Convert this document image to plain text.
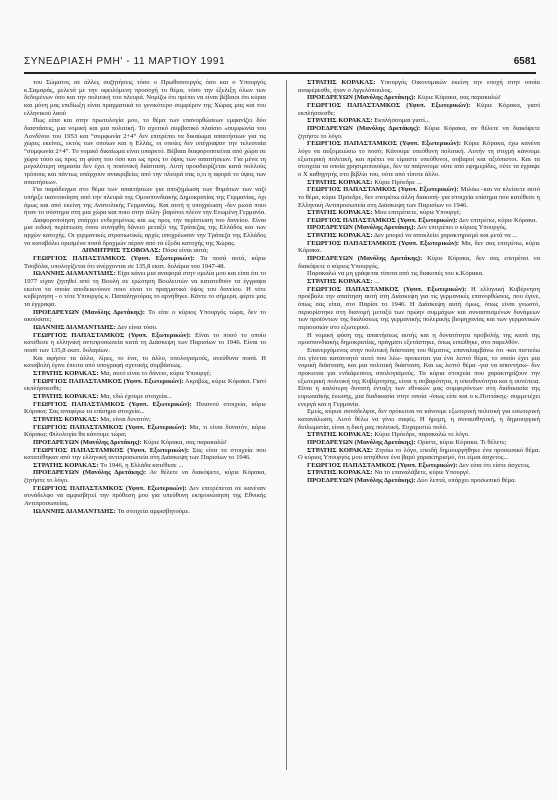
ΣΥΝΕΔΡΙΑΣΗ ΡΜΗ' - 11 ΜΑΡΤΙΟΥ 1991	6581

του Σώματος σε άλλες συζητήσεις τόσο ο Πρωθυπουργός όσο και ο Υπουργός κ.Σαμαράς, μελετά με την οφειλόμενη προσοχή το θέμα, τόσο την έξελιξη όλων των δεδομένων όσο και την πολιτική του πλευρά. Νομίζω ότι πρέπει να είναι βέβαιοι ότι κύρια και μόνη μας επιδίωξη είναι πραγματικά το γενικότερο συμφέρον της Χώρας μας και του ελληνικού λαού

Πως είπα και στην πρωτολογία μου, το θέμα των επανορθώσεων εμφανίζει δύο διαστάσεις, μια νομική και μια πολιτική. Το σχετικό συμβατικό πλαίσιο «συμφωνία του Λονδίνου του 1953 και “συμφωνία 2+4” δεν επιτρέπει τα δικαίωμα απαιτήσεων για τις χώρες εκείνες, εκτός των οποίων και η Ελλάς, οι οποίες δεν υπέγραψαν την τελευταία “συμφωνία 2+4”. Το νομικό δικαίωμα είναι υπαρκτό. Βέβαια διαφοροποιείται από χώρα σε χώρα τόσο ως προς τη φύση του όσο και ως προς το ύψος των απαιτήσεων. Για μένα τη μεγαλύτερη σημασία δεν έχει η ποσοτική διάσταση. Αυτή προσδιορίζεται κατά πολλούς τρόπους και πάντως υπάρχουν ανακριβείες από την πλευρά σας ο,τι η αφορά το ύψος των απαιτήσεων.

Για παράδειγμα στο θέμα των απαιτήσεων για αποζημίωση των θυμάτων των ναζί υπήρξε ικανοποίηση από την πλευρά της Ομοσπονδιακής Δημοκρατίας της Γερμανίας, όχι όμως και από εκείνη της Ανατολικής Γερμανίας. Και αυτή η υποχρέωση -δεν ρωτά ποιο ήταν το σύστημα στη μια χώρα και ποιο στην άλλη- βαρύνει πλέον την Ενωμένη Γερμανία.

Διαφοροποίηση υπάρχει ενδεχομένως και ως προς την περίπτωση του δανείου. Είναι μια ειδική περίπτωση όπου συνήφθη δάνειο μεταξύ της Τράπεζας της Ελλάδος και των αρχών κατοχής. Οι γερμανικές στρατιωτικές αρχές υποχρέωσαν την Τράπεζα της Ελλάδος να καταβάλει ορισμένα ποσά δραχμών πέραν από τα έξοδα κατοχής της Χώρας.

ΔΗΜΗΤΡΗΣ ΤΣΟΒΟΛΑΣ: Πόσα είναι αυτά;

ΓΕΩΡΓΙΟΣ ΠΑΠΑΣΤΑΜΚΟΣ (Υφυπ. Εξωτερικών): Τα ποσά αυτά, κύριε Τσοβόλα, υπολογίζεται ότι ανέρχονται σε 135,8 εκατ. δολάρια του 1947-48.

ΙΩΑΝΝΗΣ ΔΙΑΜΑΝΤΙΔΗΣ: Είχα κάνει μια αναφορά στην ομιλία μου και είπα ότι το 1977 είχαν ζητηθεί από τη Βουλή σε ερώτηση Βουλευτών να κατατεθούν τα έγγραφα εκείνα τα οποία αποδεικνύουν ποιο είναι το πραγματικό ύψος του δανείου. Η τότε κυβέρνηση - ο τότε Υπουργός κ. Παπαληγούρας το αρνήθηκε. Κάντε το σήμερα, φέρτε μας τα έγγραφα.

ΠΡΟΕΔΡΕΥΩΝ (Μανόλης Δρετάκης): Το είπε ο κύριος Υπουργός τώρα, δεν το ακούσατε;

ΙΩΑΝΝΗΣ ΔΙΑΜΑΝΤΙΔΗΣ: Δεν είναι τόσο.

ΓΕΩΡΓΙΟΣ ΠΑΠΑΣΤΑΜΚΟΣ (Υφυπ. Εξωτερικών): Είναι το ποσό το οποίο κατέθεσε η ελληνική αντιπροσωπεία κατά τη Διάσκεψη των Παρισίων το 1946. Είναι το ποσό των 135,8 εκατ. δολαρίων.

Και αφήστε τα άλλα, λίρες, το ένα, το άλλο, υπολογισμούς, ανεύθυνα ποσά. Η καταβολή έγινε έπειτα από υπογραφή σχετικής συμβάσεως.

ΣΤΡΑΤΗΣ ΚΟΡΑΚΑΣ: Μα, αυτό είναι το δάνειο, κύριε Υπουργέ;

ΓΕΩΡΓΙΟΣ ΠΑΠΑΣΤΑΜΚΟΣ (Υφυπ. Εξωτερικών): Ακριβώς, κύριε Κόρακα. Γιατί εκπλήσσεσθε;

ΣΤΡΑΤΗΣ ΚΟΡΑΚΑΣ: Μα, εδώ έχουμε στοιχεία...

ΓΕΩΡΓΙΟΣ ΠΑΠΑΣΤΑΜΚΟΣ (Υφυπ. Εξωτερικών): Ποιανού στοιχεία, κύριε Κόρακα; Σας αναφέρω τα επίσημα στοιχεία...

ΣΤΡΑΤΗΣ ΚΟΡΑΚΑΣ: Μα, είναι δυνατόν;

ΓΕΩΡΓΙΟΣ ΠΑΠΑΣΤΑΜΚΟΣ (Υφυπ. Εξωτερικών): Μα, τι είναι δυνατόν, κύριε Κόρακα; Φιλολογία θα κάνουμε τώρα;

ΠΡΟΕΔΡΕΥΩΝ (Μανόλης Δρετάκης): Κύριε Κόρακα, σας παρακαλώ!

ΓΕΩΡΓΙΟΣ ΠΑΠΑΣΤΑΜΚΟΣ (Υφυπ. Εξωτερικών): Σας είπα τα στοιχεία που κατατέθηκαν από την ελληνική αντιπροσωπεία στη Διάσκεψη των Παρισίων το 1946.

ΣΤΡΑΤΗΣ ΚΟΡΑΚΑΣ: Το 1946, η Ελλάδα κατέθεσε ...

ΠΡΟΕΔΡΕΥΩΝ (Μανόλης Δρετάκης): Αν θέλετε να διακόψετε, κύριε Κόρακα, ζητήστε το λόγο.

ΓΕΩΡΓΙΟΣ ΠΑΠΑΣΤΑΜΚΟΣ (Υφυπ. Εξωτερικών): Δεν επιτρέπεται σε κανέναν συνάδελφο να αμφισβητεί την πρόθεση μου για υπεύθυνη εκπροσώπηση της Εθνικής Αντιπροσωπείας.

ΙΩΑΝΝΗΣ ΔΙΑΜΑΝΤΙΔΗΣ: Τα στοιχεία αμφισβητούμε.

ΣΤΡΑΤΗΣ ΚΟΡΑΚΑΣ: Υπουργός Οικονομικών εκείνη την εποχή στην οποία αναφέρεσθε, ήταν ο Αγγελόπουλος.

ΠΡΟΕΔΡΕΥΩΝ (Μανόλης Δρετάκης): Κύριε Κόρακα, σας παρακαλώ!

ΓΕΩΡΓΙΟΣ ΠΑΠΑΣΤΑΜΚΟΣ (Υφυπ. Εξωτερικών): Κύριε Κόρακα, γιατί εκπλήσσεσθε;

ΣΤΡΑΤΗΣ ΚΟΡΑΚΑΣ: Εκπλήσσομαι γιατί...

ΠΡΟΕΔΡΕΥΩΝ (Μανόλης Δρετάκης): Κύριε Κόρακα, αν θέλετε να διακόψετε ζητήστε το λόγο.

ΓΕΩΡΓΙΟΣ ΠΑΠΑΣΤΑΜΚΟΣ (Υφυπ. Εξωτερικών): Κύριε Κόρακα, έχω κανένα λόγο να αυξομειώσω το ποσό; Κάνουμε υπεύθυνη πολιτική. Αυτήν τη στιγμή κάνουμε εξωτερική πολιτική, και πρέπει να είμαστε υπεύθυνοι, σοβαροί και αξιόπιστοι. Και τα στοιχεία τα οποία χρησιμοποιούμε, δεν τα παίρνουμε ούτε από εφημερίδες, ούτε τα έγραψε ο Χ καθηγητής στο βιβλίο του, ούτε από τίποτε άλλο.

ΣΤΡΑΤΗΣ ΚΟΡΑΚΑΣ: Κύριε Πρόεδρε ...

ΓΕΩΡΓΙΟΣ ΠΑΠΑΣΤΑΜΚΟΣ (Υφυπ. Εξωτερικών): Μιλάω -και να κλείσετε αυτό το θέμα, κύριε Πρόεδρε, δεν επιτρέπω άλλη διακοπή- για στοιχεία επίσημα που κατέθεσε η Ελληνική Αντιπροσωπεία στη Διάσκεψη των Παρισίων το 1946.

ΣΤΡΑΤΗΣ ΚΟΡΑΚΑΣ: Μου επιτρέπετε, κύριε Υπουργέ;

ΓΕΩΡΓΙΟΣ ΠΑΠΑΣΤΑΜΚΟΣ (Υφυπ. Εξωτερικών): Δεν επιτρέπω, κύριε Κόρακα.

ΠΡΟΕΔΡΕΥΩΝ (Μανόλης Δρετάκης): Δεν επιτρέπει ο κύριος Υπουργός.

ΣΤΡΑΤΗΣ ΚΟΡΑΚΑΣ: Δεν μπορεί να αποκλείει χαρακτηρισμό και μετά να ...

ΓΕΩΡΓΙΟΣ ΠΑΠΑΣΤΑΜΚΟΣ (Υφυπ. Εξωτερικών): Μα, δεν σας επιτρέπω, κύριε Κόρακα.

ΠΡΟΕΔΡΕΥΩΝ (Μανόλης Δρετάκης): Κύριε Κόρακα, δεν σας επιτρέπει να διακόψετε ο κύριος Υπουργός.

Παρακαλώ να μη γράφεται τίποτα από τις διακοπές του κ.Κόρακα.

ΣΤΡΑΤΗΣ ΚΟΡΑΚΑΣ: ...

ΓΕΩΡΓΙΟΣ ΠΑΠΑΣΤΑΜΚΟΣ (Υφυπ. Εξωτερικών): Η ελληνική Κυβέρνηση προέβαλε την απαίτηση αυτή στη Διάσκεψη για τις γερμανικές επανορθώσεις, που έγινε, όπως σας είπα, στο Παρίσι το 1946. Η Διάσκεψη αυτή όμως, όπως είναι γνωστό, περιορίστηκε στη διανομή μεταξύ των πρώην συμμάχων και συνασπισμένων δυνάμεων των προϊόντων της διαλύσεως της γερμανικής πολεμικής βιομηχανίας και των γερμανικών περιουσιών στο εξωτερικό.

Η νομική φύση της απαιτήσεως αυτής και η δυνατότητα προβολής της κατά της ομοσπονδιακής δημοκρατίας, πράγματι εξετάστηκε, όπως ειπώθηκε, στο παρελθόν.

Επανερχόμενος στην πολιτική διάσταση του θέματος, επαναλαμβάνω ότι -και πιστεύω ότι γίνεται κατανοητό αυτό που λέω- προκειται για ένα λεπτό θέμα, το οποίο έχει μια νομική διάσταση, και μια πολιτική διάσταση. Και ως λεπτό θέμα -για να απαντήσω- δεν προκειται για ενδιάμεσους απολογισμούς. Τα κύρια στοιχεία που χαρακτηρίζουν την εξωτερική πολιτική της Κυβέρνησης, είναι η σοβαρότητα, η υπευθυνότητα και η συνέπεια. Είναι η καλύτερη δυνατή ένταξη των εθνικών μας συμφερόντων στη διαδικασία της ευρωπαϊκής ένωσης, μια διαδικασία στην οποία -όπως είπε και ο κ.Ποττάκης- συμμετέχει ενεργά και η Γερμανία.

Εμείς, κύριοι συνάδελφοι, δεν πρόκειται να κάνουμε εξωτερική πολιτική για εσωτερική κατανάλωση. Αυτό θέλω να γίνει σαφές. Η ήρεμη, η συναισθητική, η δημιουργική διπλωματία, είναι η δική μας πολιτική. Ευχαριστώ πολύ.

ΣΤΡΑΤΗΣ ΚΟΡΑΚΑΣ: Κύριε Πρόεδρε, παρακαλώ το λόγο.

ΠΡΟΕΔΡΕΥΩΝ (Μανόλης Δρετάκης): Ορίστε, κύριε Κόρακα. Τι θέλετε;

ΣΤΡΑΤΗΣ ΚΟΡΑΚΑΣ: Ζητάω το λόγο, επειδή δημιουργήθηκε ένα προσωπικό θέμα. Ο κύριος Υπουργός μου απηύθυνε ένα βαρύ χαρακτηρισμό, ότι είμαι άσχετος...

ΓΕΩΡΓΙΟΣ ΠΑΠΑΣΤΑΜΚΟΣ (Υφυπ. Εξωτερικών): Δεν είπα ότι είστε άσχετος.

ΣΤΡΑΤΗΣ ΚΟΡΑΚΑΣ: Να το επαναλάβετε, κύριε Υπουργέ.

ΠΡΟΕΔΡΕΥΩΝ (Μανόλης Δρετάκης): Δύο λεπτά, υπάρχει προσωπικό θέμα.
